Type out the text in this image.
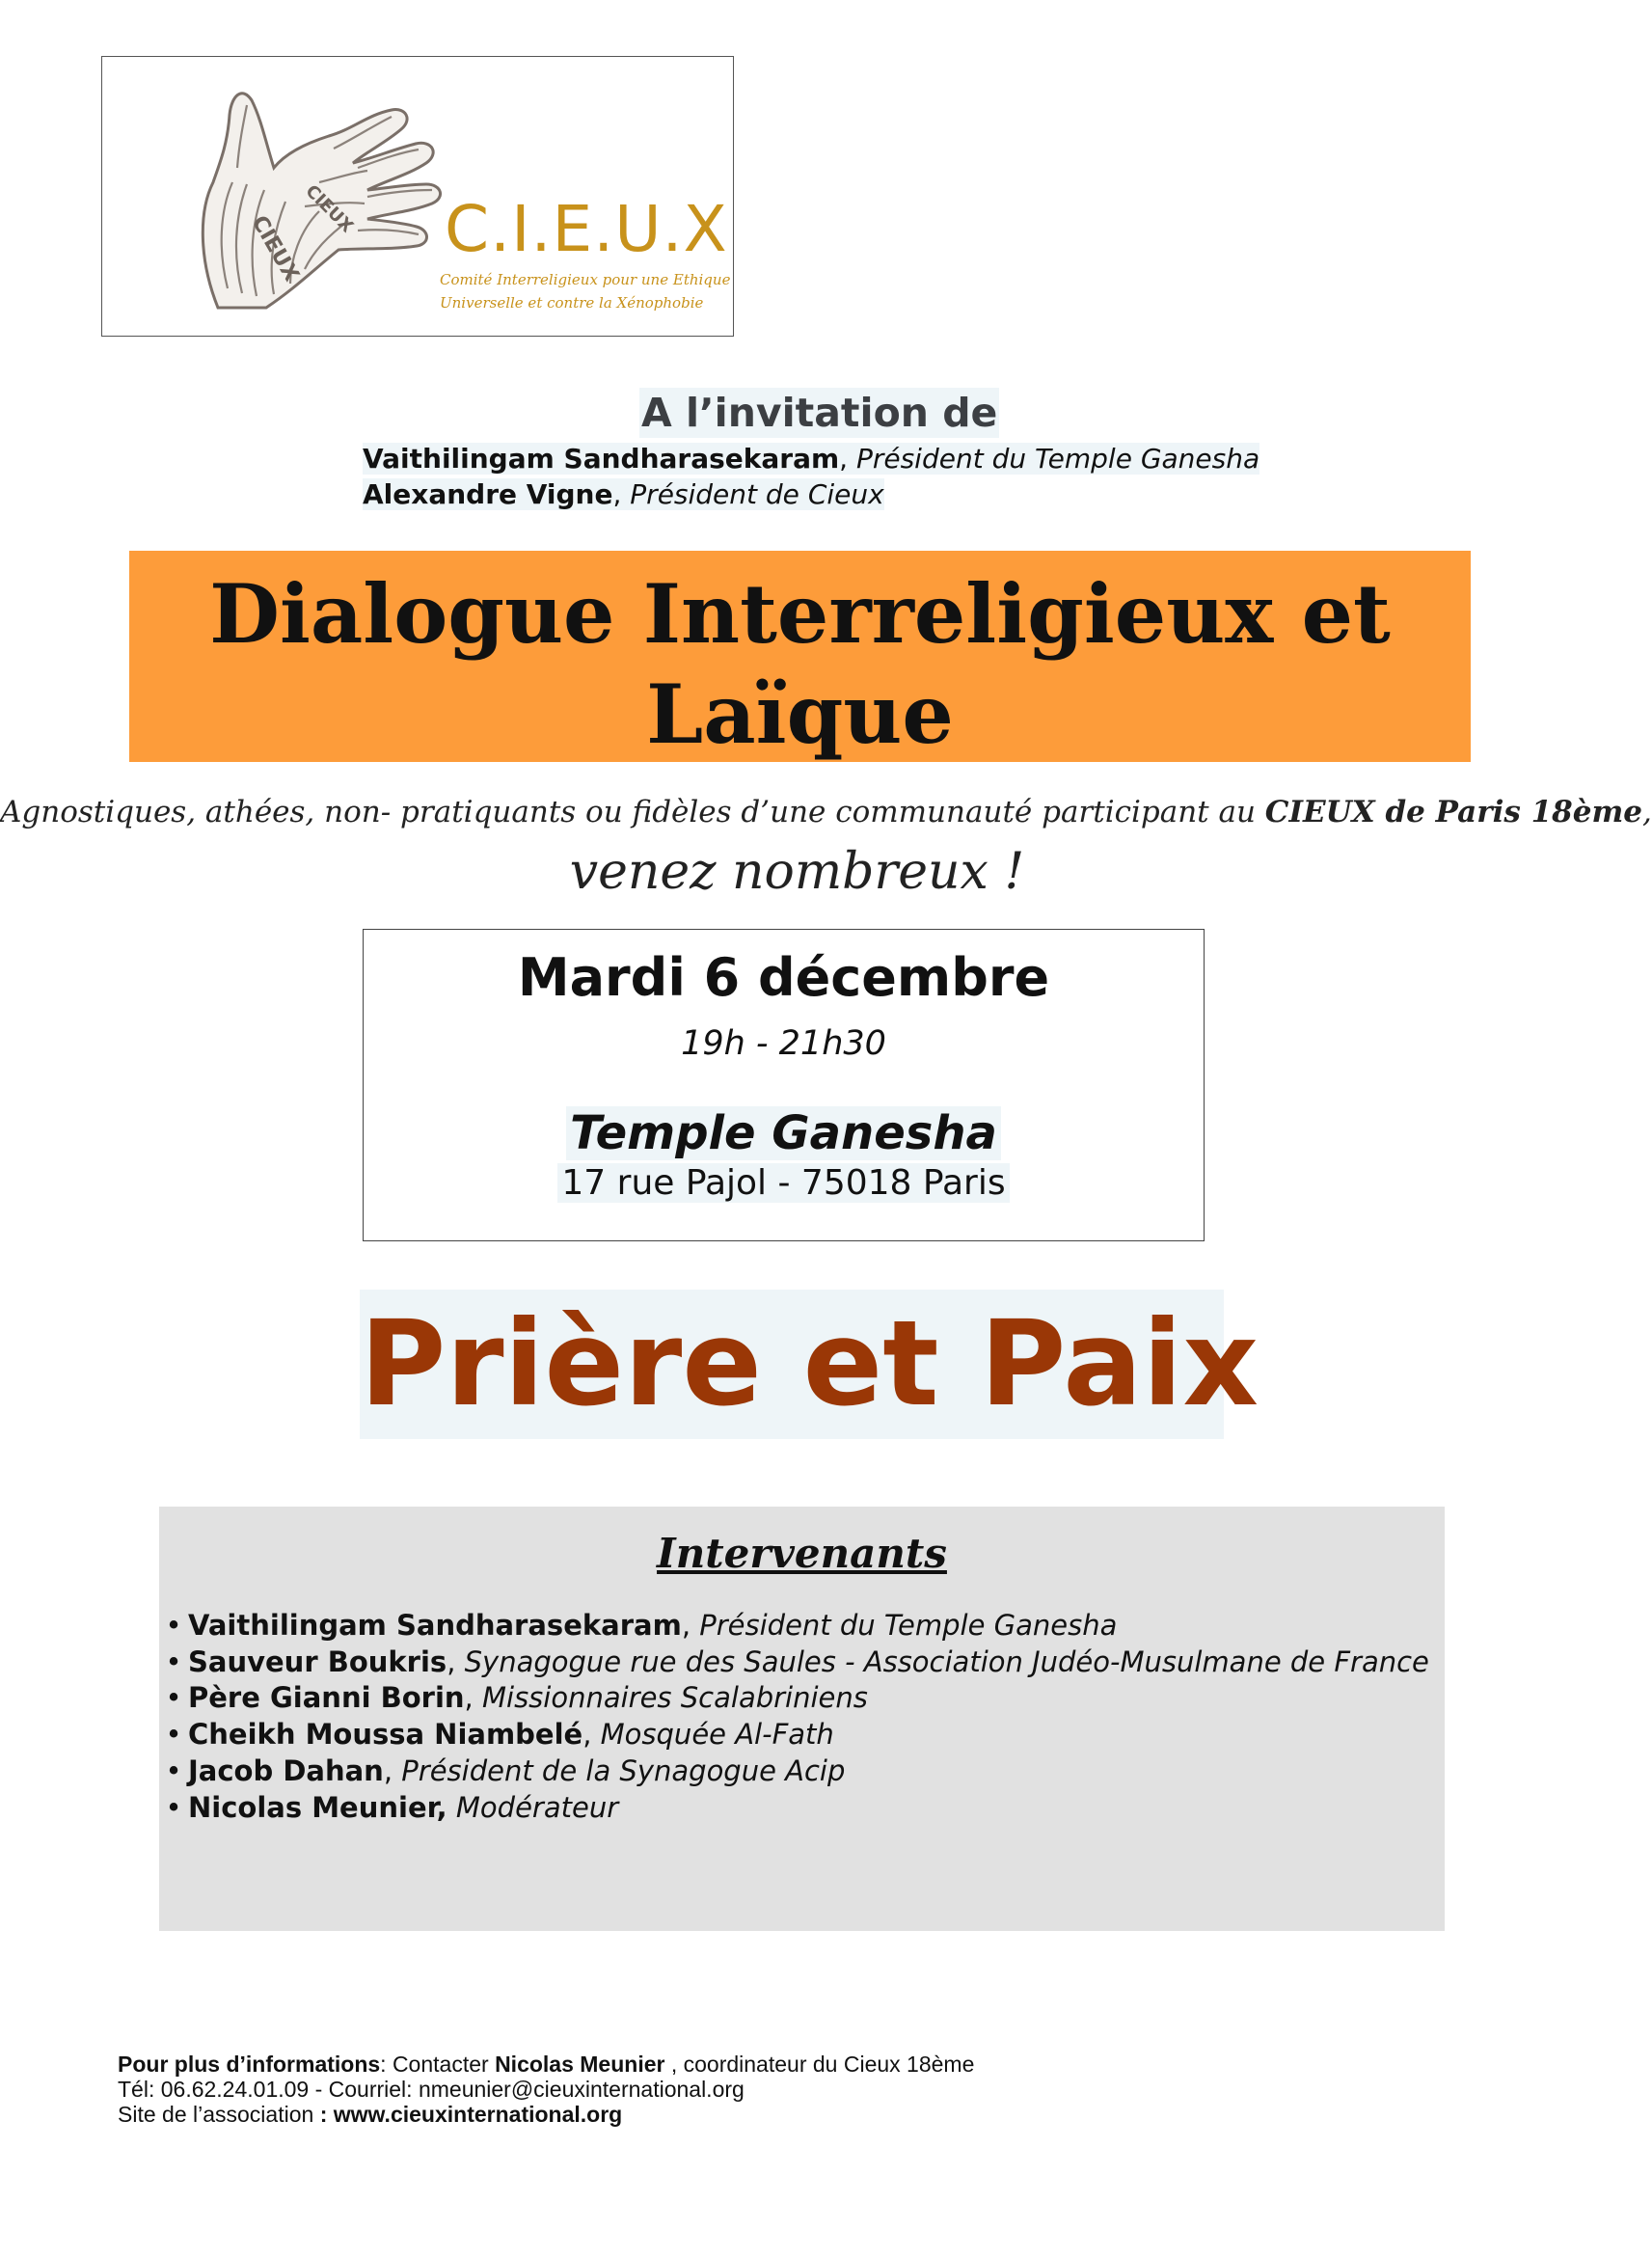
CIEUX
CIEUX C.I.E.U.X
Comité Interreligieux pour une Ethique
Universelle et contre la Xénophobie
A l’invitation de
Vaithilingam Sandharasekaram, Président du Temple Ganesha
Alexandre Vigne, Président de Cieux
Dialogue Interreligieux et
Laïque
Agnostiques, athées, non- pratiquants ou fidèles d’une communauté participant au CIEUX de Paris 18ème,
venez nombreux !
Mardi 6 décembre
19h - 21h30
Temple Ganesha
17 rue Pajol - 75018 Paris
Prière et Paix
Intervenants
• Vaithilingam Sandharasekaram, Président du Temple Ganesha
• Sauveur Boukris, Synagogue rue des Saules - Association Judéo-Musulmane de France
• Père Gianni Borin, Missionnaires Scalabriniens
• Cheikh Moussa Niambelé, Mosquée Al-Fath
• Jacob Dahan, Président de la Synagogue Acip
• Nicolas Meunier, Modérateur
Pour plus d’informations: Contacter Nicolas Meunier , coordinateur du Cieux 18ème
Tél: 06.62.24.01.09 - Courriel: nmeunier@cieuxinternational.org
Site de l’association : www.cieuxinternational.org
